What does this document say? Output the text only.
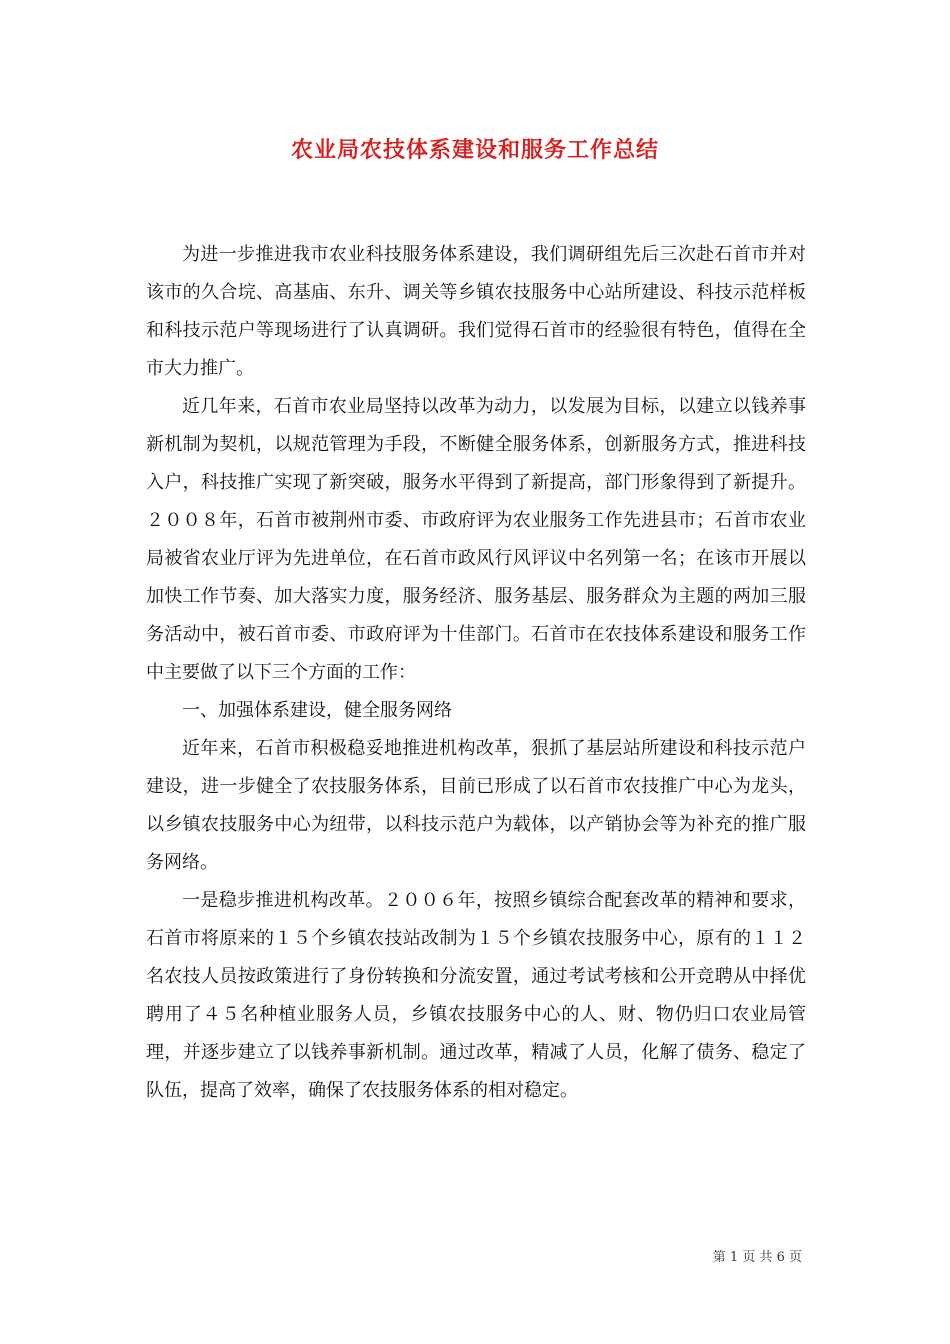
农业局农技体系建设和服务工作总结

为进一步推进我市农业科技服务体系建设，我们调研组先后三次赴石首市并对该市的久合垸、高基庙、东升、调关等乡镇农技服务中心站所建设、科技示范样板和科技示范户等现场进行了认真调研。我们觉得石首市的经验很有特色，值得在全市大力推广。

近几年来，石首市农业局坚持以改革为动力，以发展为目标，以建立以钱养事新机制为契机，以规范管理为手段，不断健全服务体系，创新服务方式，推进科技入户，科技推广实现了新突破，服务水平得到了新提高，部门形象得到了新提升。２００８年，石首市被荆州市委、市政府评为农业服务工作先进县市；石首市农业局被省农业厅评为先进单位，在石首市政风行风评议中名列第一名；在该市开展以加快工作节奏、加大落实力度，服务经济、服务基层、服务群众为主题的两加三服务活动中，被石首市委、市政府评为十佳部门。石首市在农技体系建设和服务工作中主要做了以下三个方面的工作：

一、加强体系建设，健全服务网络

近年来，石首市积极稳妥地推进机构改革，狠抓了基层站所建设和科技示范户建设，进一步健全了农技服务体系，目前已形成了以石首市农技推广中心为龙头，以乡镇农技服务中心为纽带，以科技示范户为载体，以产销协会等为补充的推广服务网络。

一是稳步推进机构改革。２００６年，按照乡镇综合配套改革的精神和要求，石首市将原来的１５个乡镇农技站改制为１５个乡镇农技服务中心，原有的１１２名农技人员按政策进行了身份转换和分流安置，通过考试考核和公开竞聘从中择优聘用了４５名种植业服务人员，乡镇农技服务中心的人、财、物仍归口农业局管理，并逐步建立了以钱养事新机制。通过改革，精减了人员，化解了债务、稳定了队伍，提高了效率，确保了农技服务体系的相对稳定。

第 1 页 共 6 页
